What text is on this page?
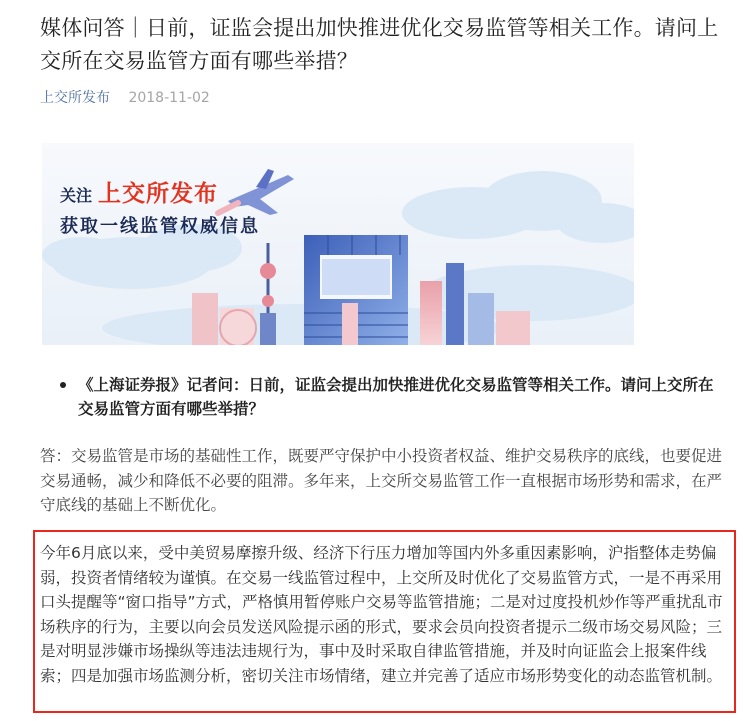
媒体问答｜日前，证监会提出加快推进优化交易监管等相关工作。请问上交所在交易监管方面有哪些举措？
上交所发布 2018-11-02
关注 上交所发布
获取一线监管权威信息
《上海证券报》记者问：日前，证监会提出加快推进优化交易监管等相关工作。请问上交所在交易监管方面有哪些举措？

答：交易监管是市场的基础性工作，既要严守保护中小投资者权益、维护交易秩序的底线，也要促进交易通畅，减少和降低不必要的阻滞。多年来，上交所交易监管工作一直根据市场形势和需求，在严守底线的基础上不断优化。

今年6月底以来，受中美贸易摩擦升级、经济下行压力增加等国内外多重因素影响，沪指整体走势偏弱，投资者情绪较为谨慎。在交易一线监管过程中，上交所及时优化了交易监管方式，一是不再采用口头提醒等“窗口指导”方式，严格慎用暂停账户交易等监管措施；二是对过度投机炒作等严重扰乱市场秩序的行为，主要以向会员发送风险提示函的形式，要求会员向投资者提示二级市场交易风险；三是对明显涉嫌市场操纵等违法违规行为，事中及时采取自律监管措施，并及时向证监会上报案件线索；四是加强市场监测分析，密切关注市场情绪，建立并完善了适应市场形势变化的动态监管机制。
